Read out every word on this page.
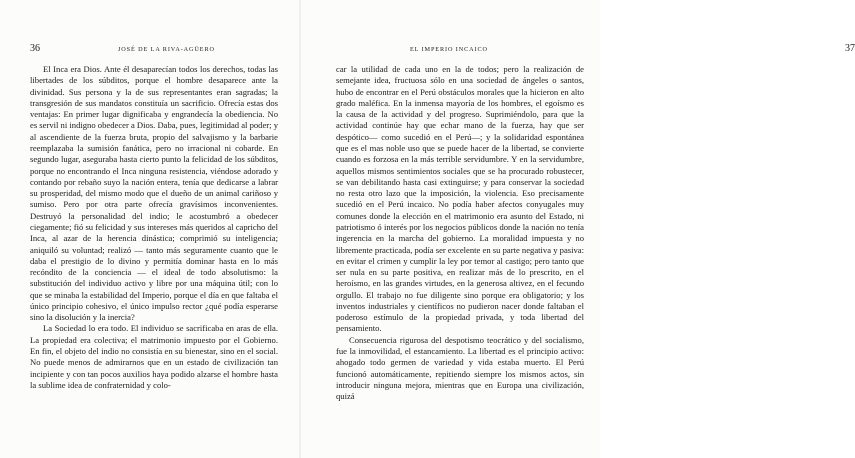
36	JOSÉ DE LA RIVA-AGÜERO

El Inca era Dios. Ante él desaparecían todos los derechos, todas las libertades de los súbditos, porque el hombre desaparece ante la divinidad. Sus persona y la de sus representantes eran sagradas; la transgresión de sus mandatos constituía un sacrificio. Ofrecía estas dos ventajas: En primer lugar dignificaba y engrandecía la obediencia. No es servil ni indigno obedecer a Dios. Daba, pues, legitimidad al poder; y al ascendiente de la fuerza bruta, propio del salvajismo y la barbarie reemplazaba la sumisión fanática, pero no irracional ni cobarde. En segundo lugar, aseguraba hasta cierto punto la felicidad de los súbditos, porque no encontrando el Inca ninguna resistencia, viéndose adorado y contando por rebaño suyo la nación entera, tenía que dedicarse a labrar su prosperidad, del mismo modo que el dueño de un animal cariñoso y sumiso. Pero por otra parte ofrecía gravísimos inconvenientes. Destruyó la personalidad del indio; le acostumbró a obedecer ciegamente; fió su felicidad y sus intereses más queridos al capricho del Inca, al azar de la herencia dinástica; comprimió su inteligencia; aniquiló su voluntad; realizó — tanto más seguramente cuanto que le daba el prestigio de lo divino y permitía dominar hasta en lo más recóndito de la conciencia — el ideal de todo absolutismo: la substitución del individuo activo y libre por una máquina útil; con lo que se minaba la estabilidad del Imperio, porque el día en que faltaba el único principio cohesivo, el único impulso rector ¿qué podía esperarse sino la disolución y la inercia?

La Sociedad lo era todo. El individuo se sacrificaba en aras de ella. La propiedad era colectiva; el matrimonio impuesto por el Gobierno. En fin, el objeto del indio no consistía en su bienestar, sino en el social. No puede menos de admirarnos que en un estado de civilización tan incipiente y con tan pocos auxilios haya podido alzarse el hombre hasta la sublime idea de confraternidad y colo-

EL IMPERIO INCAICO	37

car la utilidad de cada uno en la de todos; pero la realización de semejante idea, fructuosa sólo en una sociedad de ángeles o santos, hubo de encontrar en el Perú obstáculos morales que la hicieron en alto grado maléfica. En la inmensa mayoría de los hombres, el egoísmo es la causa de la actividad y del progreso. Suprimiéndolo, para que la actividad continúe hay que echar mano de la fuerza, hay que ser despótico— como sucedió en el Perú—; y la solidaridad espontánea que es el mas noble uso que se puede hacer de la libertad, se convierte cuando es forzosa en la más terrible servidumbre. Y en la servidumbre, aquellos mismos sentimientos sociales que se ha procurado robustecer, se van debilitando hasta casi extinguirse; y para conservar la sociedad no resta otro lazo que la imposición, la violencia. Eso precisamente sucedió en el Perú incaico. No podía haber afectos conyugales muy comunes donde la elección en el matrimonio era asunto del Estado, ni patriotismo ó interés por los negocios públicos donde la nación no tenía ingerencia en la marcha del gobierno. La moralidad impuesta y no libremente practicada, podía ser excelente en su parte negativa y pasiva: en evitar el crimen y cumplir la ley por temor al castigo; pero tanto que ser nula en su parte positiva, en realizar más de lo prescrito, en el heroísmo, en las grandes virtudes, en la generosa altivez, en el fecundo orgullo. El trabajo no fue diligente sino porque era obligatorio; y los inventos industriales y científicos no pudieron nacer donde faltaban el poderoso estímulo de la propiedad privada, y toda libertad del pensamiento.

Consecuencia rigurosa del despotismo teocrático y del socialismo, fue la inmovilidad, el estancamiento. La libertad es el principio activo: ahogado todo germen de variedad y vida estaba muerto. El Perú funcionó automáticamente, repitiendo siempre los mismos actos, sin introducir ninguna mejora, mientras que en Europa una civilización, quizá
